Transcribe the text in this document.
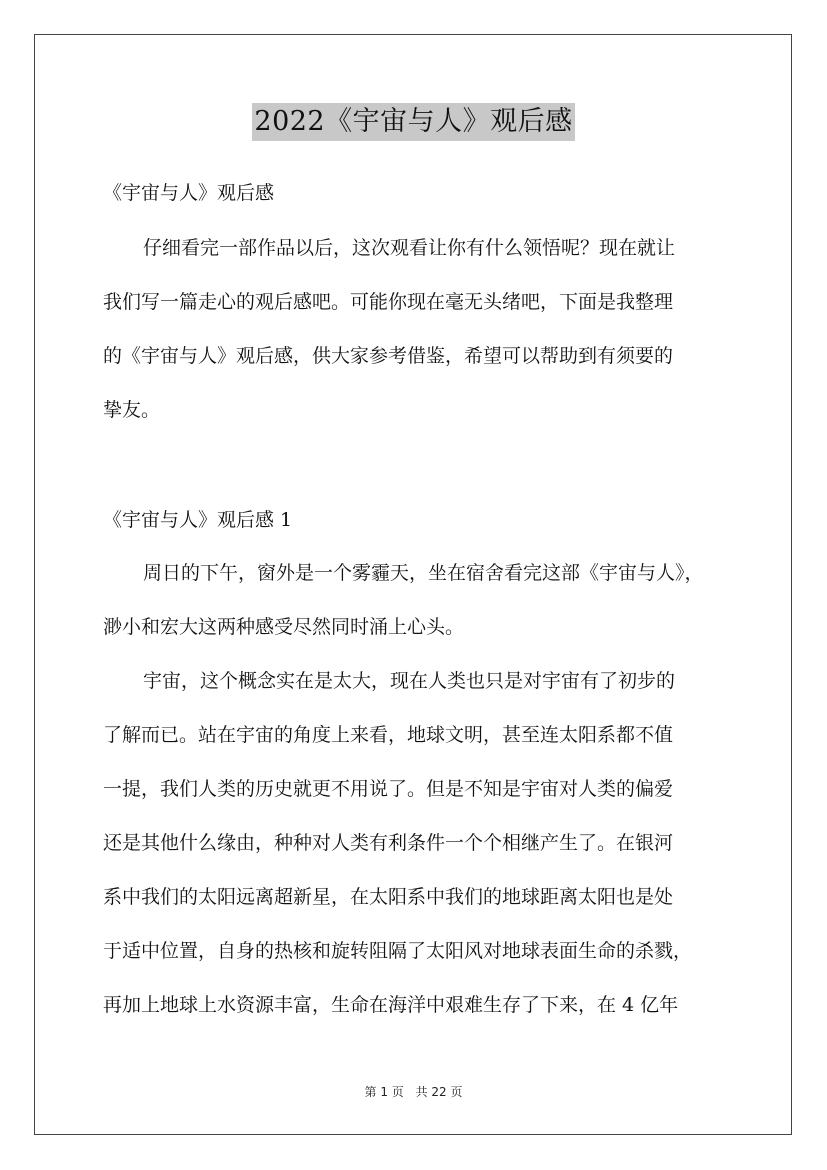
2022《宇宙与人》观后感
《宇宙与人》观后感
仔细看完一部作品以后，这次观看让你有什么领悟呢？现在就让
我们写一篇走心的观后感吧。可能你现在毫无头绪吧，下面是我整理
的《宇宙与人》观后感，供大家参考借鉴，希望可以帮助到有须要的
挚友。
《宇宙与人》观后感 1
周日的下午，窗外是一个雾霾天，坐在宿舍看完这部《宇宙与人》，
渺小和宏大这两种感受尽然同时涌上心头。
宇宙，这个概念实在是太大，现在人类也只是对宇宙有了初步的
了解而已。站在宇宙的角度上来看，地球文明，甚至连太阳系都不值
一提，我们人类的历史就更不用说了。但是不知是宇宙对人类的偏爱
还是其他什么缘由，种种对人类有利条件一个个相继产生了。在银河
系中我们的太阳远离超新星，在太阳系中我们的地球距离太阳也是处
于适中位置，自身的热核和旋转阻隔了太阳风对地球表面生命的杀戮，
再加上地球上水资源丰富，生命在海洋中艰难生存了下来，在 4 亿年
第 1 页 共 22 页
